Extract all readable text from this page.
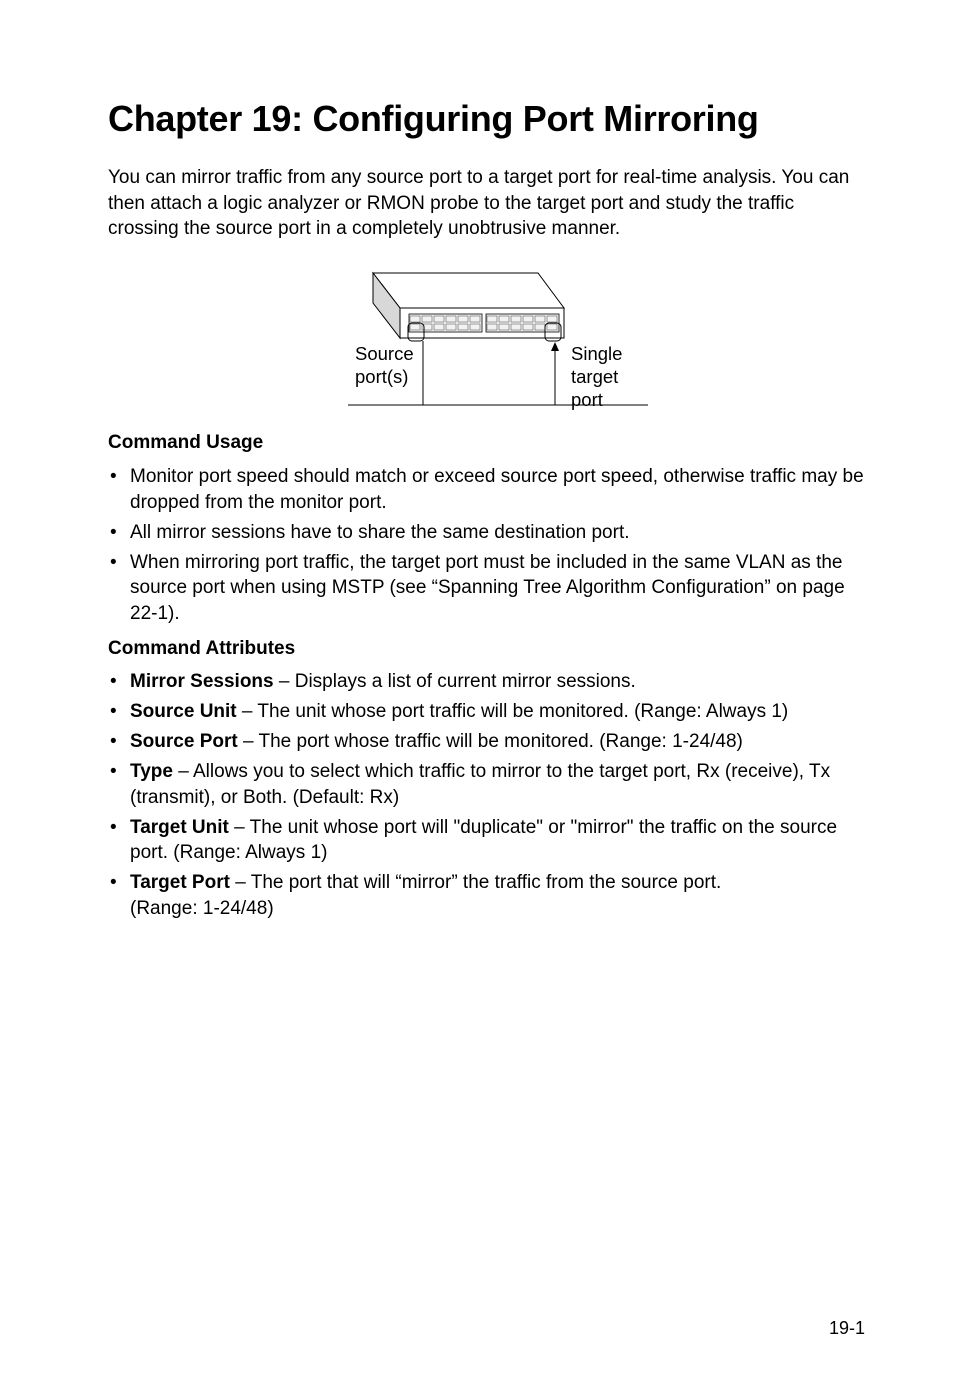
Chapter 19: Configuring Port Mirroring

You can mirror traffic from any source port to a target port for real-time analysis. You can then attach a logic analyzer or RMON probe to the target port and study the traffic crossing the source port in a completely unobtrusive manner.

Source
port(s)
Single
target
port
Command Usage
• Monitor port speed should match or exceed source port speed, otherwise traffic may be dropped from the monitor port.
• All mirror sessions have to share the same destination port.
• When mirroring port traffic, the target port must be included in the same VLAN as the source port when using MSTP (see “Spanning Tree Algorithm Configuration” on page 22-1).
Command Attributes
• Mirror Sessions – Displays a list of current mirror sessions.
• Source Unit – The unit whose port traffic will be monitored. (Range: Always 1)
• Source Port – The port whose traffic will be monitored. (Range: 1-24/48)
• Type – Allows you to select which traffic to mirror to the target port, Rx (receive), Tx (transmit), or Both. (Default: Rx)
• Target Unit – The unit whose port will "duplicate" or "mirror" the traffic on the source port. (Range: Always 1)
• Target Port – The port that will “mirror” the traffic from the source port.
(Range: 1-24/48)

19-1
